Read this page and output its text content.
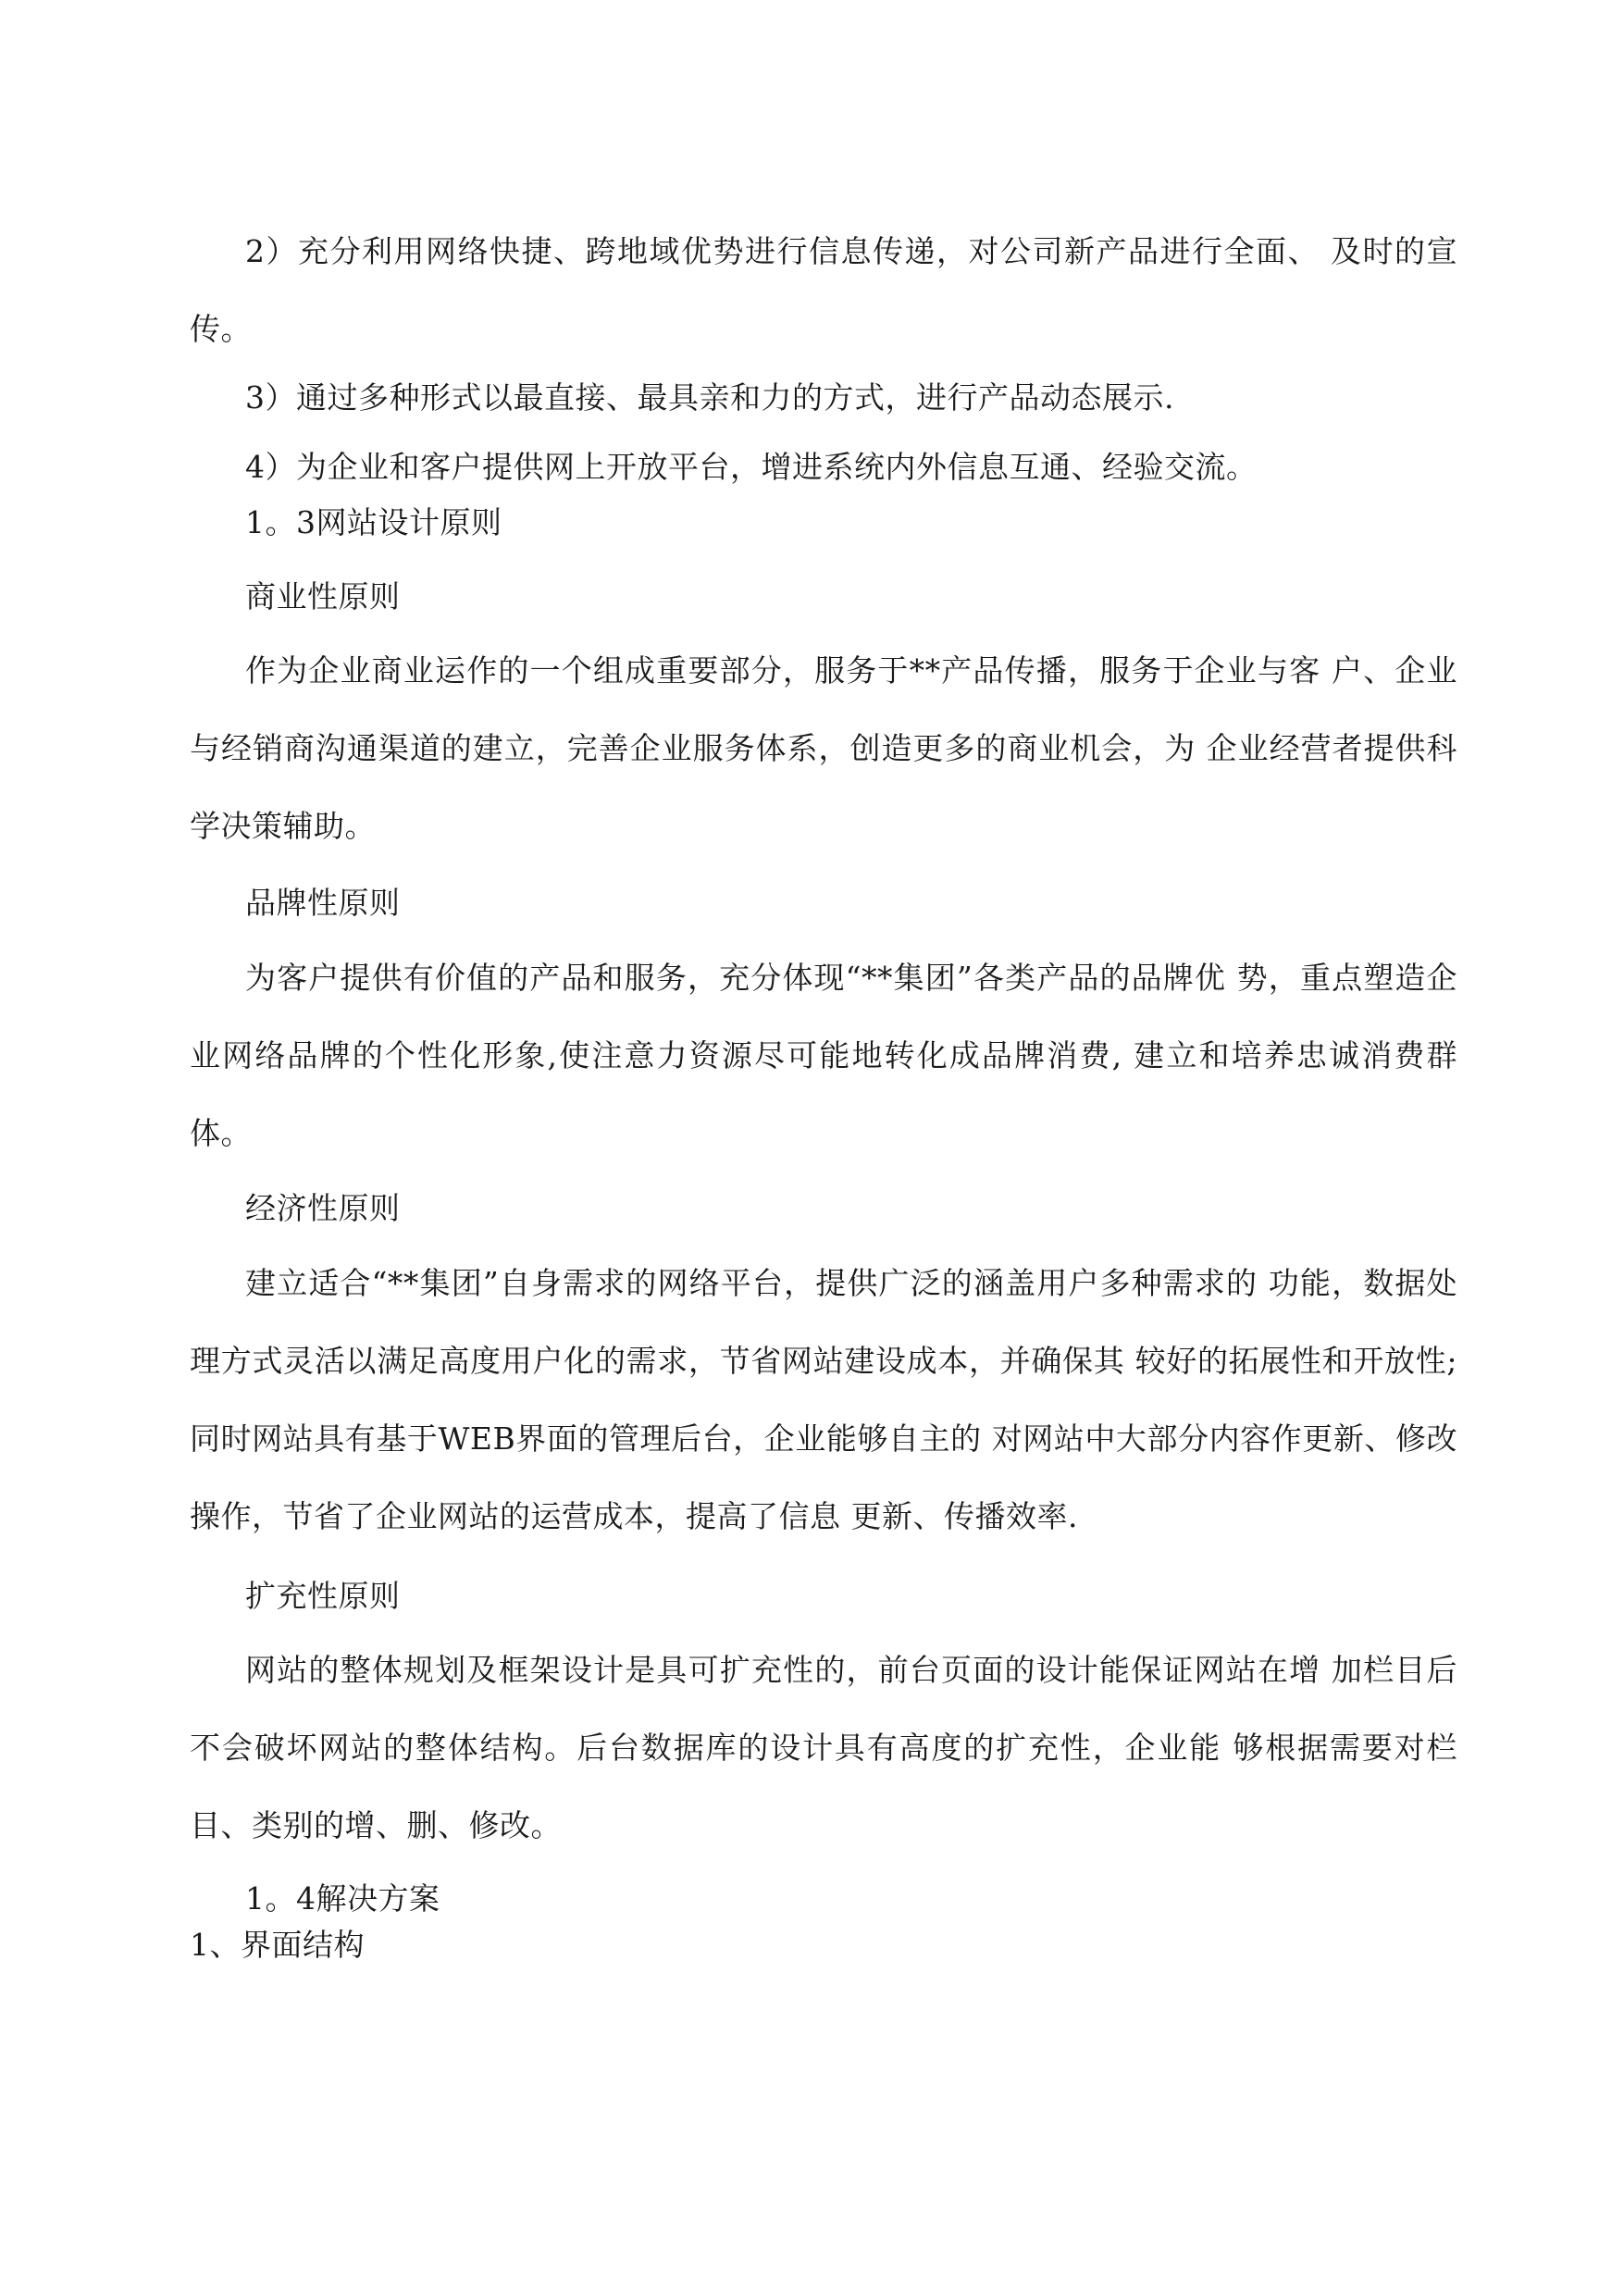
2）充分利用网络快捷、跨地域优势进行信息传递，对公司新产品进行全面、 及时的宣传。

3）通过多种形式以最直接、最具亲和力的方式，进行产品动态展示.

4）为企业和客户提供网上开放平台，增进系统内外信息互通、经验交流。

1。3网站设计原则

商业性原则

作为企业商业运作的一个组成重要部分，服务于**产品传播，服务于企业与客 户、企业与经销商沟通渠道的建立，完善企业服务体系，创造更多的商业机会，为 企业经营者提供科学决策辅助。

品牌性原则

为客户提供有价值的产品和服务，充分体现“**集团”各类产品的品牌优 势，重点塑造企业网络品牌的个性化形象,使注意力资源尽可能地转化成品牌消费, 建立和培养忠诚消费群体。

经济性原则

建立适合“**集团”自身需求的网络平台，提供广泛的涵盖用户多种需求的 功能，数据处理方式灵活以满足高度用户化的需求，节省网站建设成本，并确保其 较好的拓展性和开放性;同时网站具有基于WEB界面的管理后台，企业能够自主的 对网站中大部分内容作更新、修改操作，节省了企业网站的运营成本，提高了信息 更新、传播效率.

扩充性原则

网站的整体规划及框架设计是具可扩充性的，前台页面的设计能保证网站在增 加栏目后不会破坏网站的整体结构。后台数据库的设计具有高度的扩充性，企业能 够根据需要对栏目、类别的增、删、修改。

1。4解决方案

1、界面结构
